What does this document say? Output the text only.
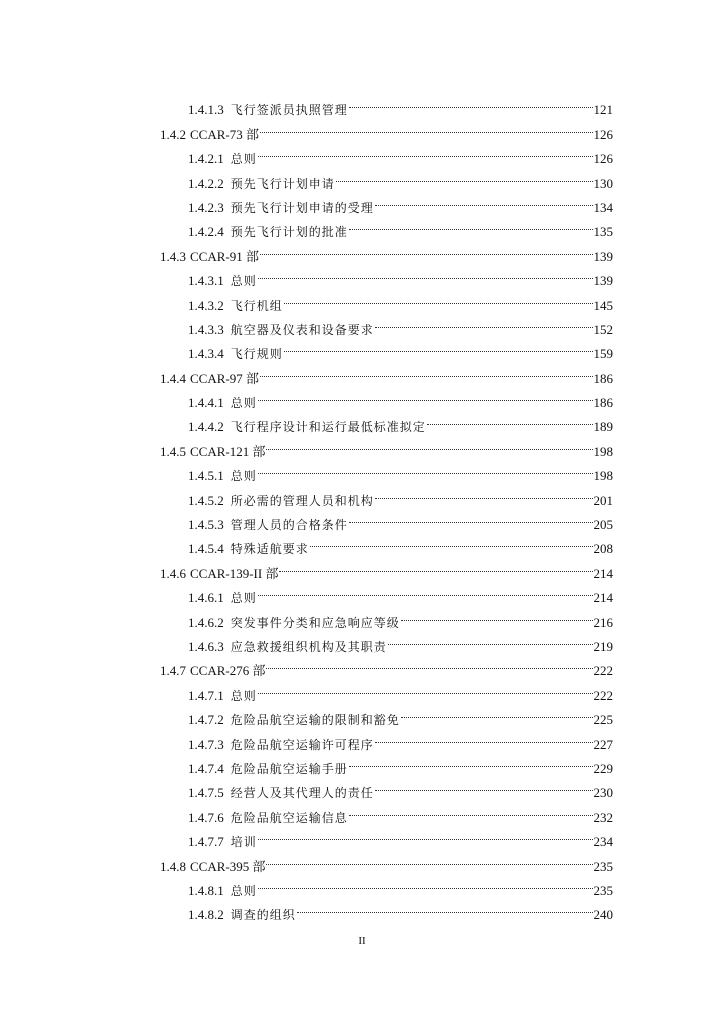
1.4.1.3 飞行签派员执照管理	121
1.4.2 CCAR-73 部	126
1.4.2.1 总则	126
1.4.2.2 预先飞行计划申请	130
1.4.2.3 预先飞行计划申请的受理	134
1.4.2.4 预先飞行计划的批准	135
1.4.3 CCAR-91 部	139
1.4.3.1 总则	139
1.4.3.2 飞行机组	145
1.4.3.3 航空器及仪表和设备要求	152
1.4.3.4 飞行规则	159
1.4.4 CCAR-97 部	186
1.4.4.1 总则	186
1.4.4.2 飞行程序设计和运行最低标准拟定	189
1.4.5 CCAR-121 部	198
1.4.5.1 总则	198
1.4.5.2 所必需的管理人员和机构	201
1.4.5.3 管理人员的合格条件	205
1.4.5.4 特殊适航要求	208
1.4.6 CCAR-139-II 部	214
1.4.6.1 总则	214
1.4.6.2 突发事件分类和应急响应等级	216
1.4.6.3 应急救援组织机构及其职责	219
1.4.7 CCAR-276 部	222
1.4.7.1 总则	222
1.4.7.2 危险品航空运输的限制和豁免	225
1.4.7.3 危险品航空运输许可程序	227
1.4.7.4 危险品航空运输手册	229
1.4.7.5 经营人及其代理人的责任	230
1.4.7.6 危险品航空运输信息	232
1.4.7.7 培训	234
1.4.8 CCAR-395 部	235
1.4.8.1 总则	235
1.4.8.2 调查的组织	240
II
